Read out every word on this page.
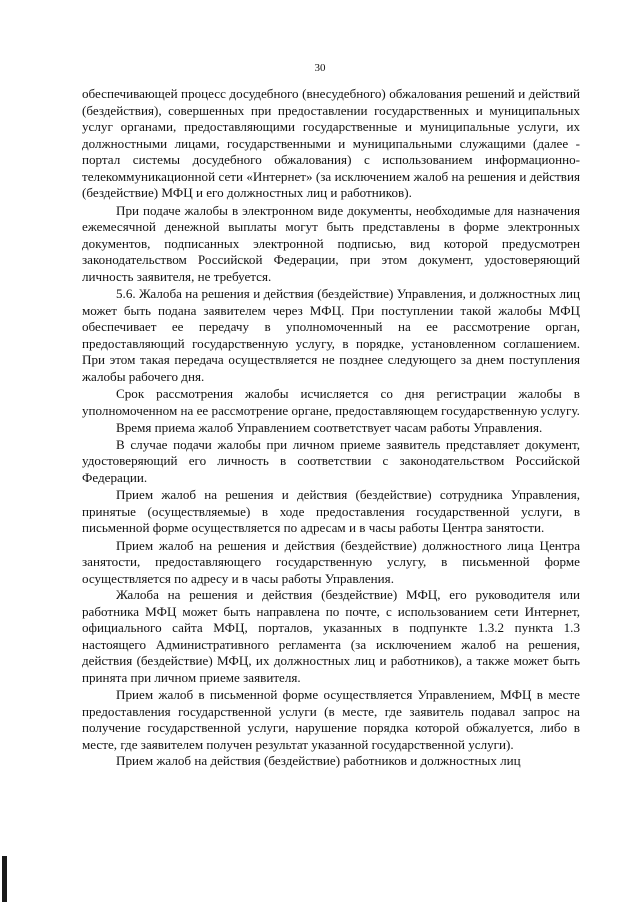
30

обеспечивающей процесс досудебного (внесудебного) обжалования решений и действий (бездействия), совершенных при предоставлении государственных и муниципальных услуг органами, предоставляющими государственные и муниципальные услуги, их должностными лицами, государственными и муниципальными служащими (далее - портал системы досудебного обжалования) с использованием информационно-телекоммуникационной сети «Интернет» (за исключением жалоб на решения и действия (бездействие) МФЦ и его должностных лиц и работников).

При подаче жалобы в электронном виде документы, необходимые для назначения ежемесячной денежной выплаты могут быть представлены в форме электронных документов, подписанных электронной подписью, вид которой предусмотрен законодательством Российской Федерации, при этом документ, удостоверяющий личность заявителя, не требуется.

5.6. Жалоба на решения и действия (бездействие) Управления, и должностных лиц может быть подана заявителем через МФЦ. При поступлении такой жалобы МФЦ обеспечивает ее передачу в уполномоченный на ее рассмотрение орган, предоставляющий государственную услугу, в порядке, установленном соглашением. При этом такая передача осуществляется не позднее следующего за днем поступления жалобы рабочего дня.

Срок рассмотрения жалобы исчисляется со дня регистрации жалобы в уполномоченном на ее рассмотрение органе, предоставляющем государственную услугу.

Время приема жалоб Управлением соответствует часам работы Управления.

В случае подачи жалобы при личном приеме заявитель представляет документ, удостоверяющий его личность в соответствии с законодательством Российской Федерации.

Прием жалоб на решения и действия (бездействие) сотрудника Управления, принятые (осуществляемые) в ходе предоставления государственной услуги, в письменной форме осуществляется по адресам и в часы работы Центра занятости.

Прием жалоб на решения и действия (бездействие) должностного лица Центра занятости, предоставляющего государственную услугу, в письменной форме осуществляется по адресу и в часы работы Управления.

Жалоба на решения и действия (бездействие) МФЦ, его руководителя или работника МФЦ может быть направлена по почте, с использованием сети Интернет, официального сайта МФЦ, порталов, указанных в подпункте 1.3.2 пункта 1.3 настоящего Административного регламента (за исключением жалоб на решения, действия (бездействие) МФЦ, их должностных лиц и работников), а также может быть принята при личном приеме заявителя.

Прием жалоб в письменной форме осуществляется Управлением, МФЦ в месте предоставления государственной услуги (в месте, где заявитель подавал запрос на получение государственной услуги, нарушение порядка которой обжалуется, либо в месте, где заявителем получен результат указанной государственной услуги).

Прием жалоб на действия (бездействие) работников и должностных лиц
